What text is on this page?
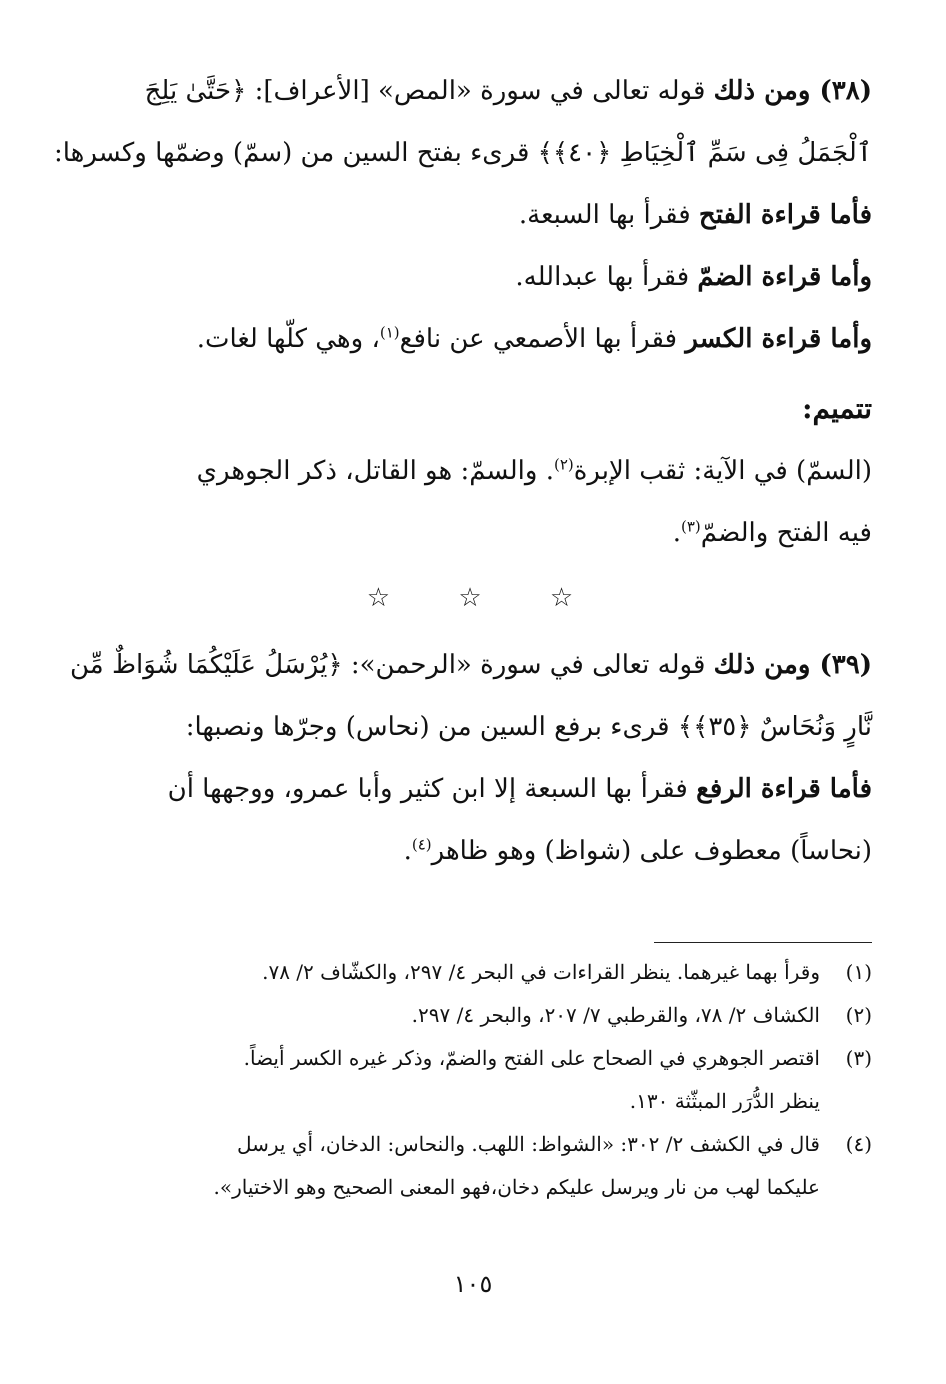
(٣٨) ومن ذلك قوله تعالى في سورة «المص» [الأعراف]: ﴿حَتَّىٰ يَلِجَ
ٱلْجَمَلُ فِى سَمِّ ٱلْخِيَاطِ ﴿٤٠﴾﴾ قرىء بفتح السين من (سمّ) وضمّها وكسرها:

فأما قراءة الفتح فقرأ بها السبعة.

وأما قراءة الضمّ فقرأ بها عبدالله.

وأما قراءة الكسر فقرأ بها الأصمعي عن نافع$^{(١)}$، وهي كلّها لغات.

تتميم:

(السمّ) في الآية: ثقب الإبرة$^{(٢)}$. والسمّ: هو القاتل، ذكر الجوهري
فيه الفتح والضمّ$^{(٣)}$.

☆ ☆ ☆

(٣٩) ومن ذلك قوله تعالى في سورة «الرحمن»: ﴿يُرْسَلُ عَلَيْكُمَا شُوَاظٌ مِّن
نَّارٍ وَنُحَاسٌ ﴿٣٥﴾﴾ قرىء برفع السين من (نحاس) وجرّها ونصبها:

فأما قراءة الرفع فقرأ بها السبعة إلا ابن كثير وأبا عمرو، ووجهها أن
(نحاساً) معطوف على (شواظ) وهو ظاهر$^{(٤)}$.

(١)
وقرأ بهما غيرهما. ينظر القراءات في البحر ٤/ ٢٩٧، والكشّاف ٢/ ٧٨.
(٢)
الكشاف ٢/ ٧٨، والقرطبي ٧/ ٢٠٧، والبحر ٤/ ٢٩٧.
(٣)
اقتصر الجوهري في الصحاح على الفتح والضمّ، وذكر غيره الكسر أيضاً.
ينظر الدُّرَر المبثّثة ١٣٠.
(٤)
قال في الكشف ٢/ ٣٠٢: «الشواظ: اللهب. والنحاس: الدخان، أي يرسل
عليكما لهب من نار ويرسل عليكم دخان،فهو المعنى الصحيح وهو الاختيار».
١٠٥
